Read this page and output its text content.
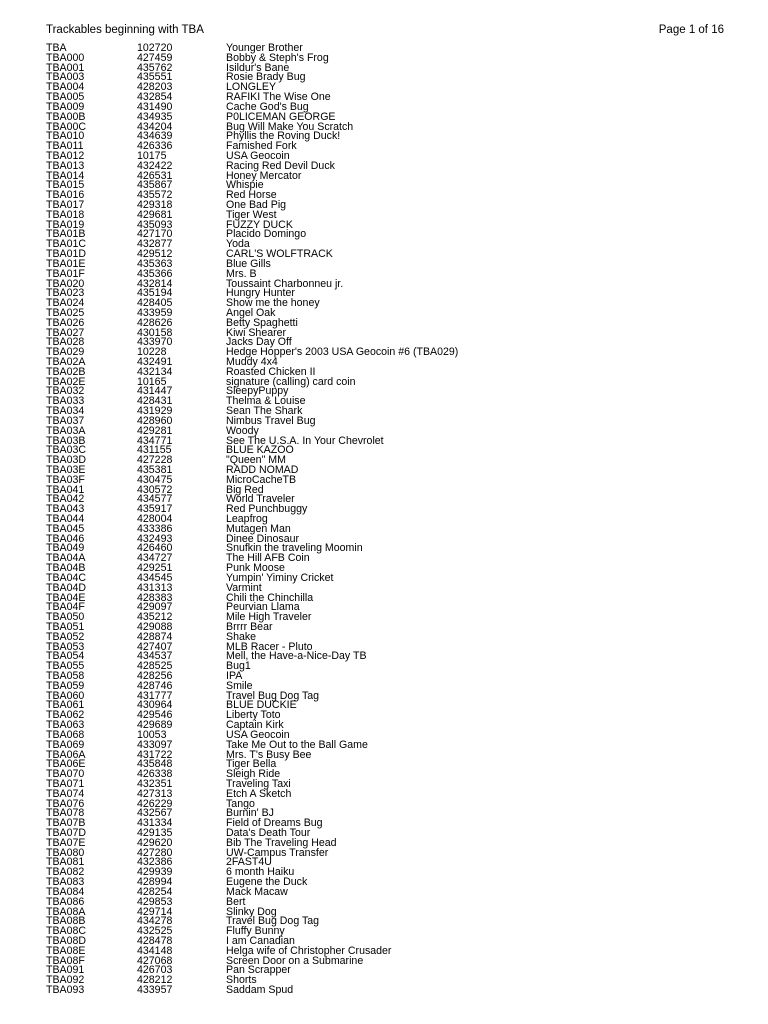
Trackables beginning with TBA	Page 1 of 16
TBA	102720	Younger Brother
TBA000	427459	Bobby & Steph's Frog
TBA001	435762	Isildur's Bane
TBA003	435551	Rosie Brady Bug
TBA004	428203	LONGLEY
TBA005	432854	RAFIKI The Wise One
TBA009	431490	Cache God's Bug
TBA00B	434935	P0LICEMAN GEORGE
TBA00C	434204	Bug Will Make You Scratch
TBA010	434639	Phyllis the Roving Duck!
TBA011	426336	Famished Fork
TBA012	10175	USA Geocoin
TBA013	432422	Racing Red Devil Duck
TBA014	426531	Honey Mercator
TBA015	435867	Whispie
TBA016	435572	Red Horse
TBA017	429318	One Bad Pig
TBA018	429681	Tiger West
TBA019	435093	FUZZY DUCK
TBA01B	427170	Placido Domingo
TBA01C	432877	Yoda
TBA01D	429512	CARL'S WOLFTRACK
TBA01E	435363	Blue Gills
TBA01F	435366	Mrs. B
TBA020	432814	Toussaint Charbonneu jr.
TBA023	435194	Hungry Hunter
TBA024	428405	Show me the honey
TBA025	433959	Angel Oak
TBA026	428626	Betty Spaghetti
TBA027	430158	Kiwi Shearer
TBA028	433970	Jacks Day Off
TBA029	10228	Hedge Hopper's 2003 USA Geocoin #6 (TBA029)
TBA02A	432491	Muddy 4x4
TBA02B	432134	Roasted Chicken II
TBA02E	10165	signature (calling) card coin
TBA032	431447	SleepyPuppy
TBA033	428431	Thelma & Louise
TBA034	431929	Sean The Shark
TBA037	428960	Nimbus Travel Bug
TBA03A	429281	Woody
TBA03B	434771	See The U.S.A. In Your Chevrolet
TBA03C	431155	BLUE KAZOO
TBA03D	427228	"Queen" MM
TBA03E	435381	RADD NOMAD
TBA03F	430475	MicroCacheTB
TBA041	430572	Big Red
TBA042	434577	World Traveler
TBA043	435917	Red Punchbuggy
TBA044	428004	Leapfrog
TBA045	433386	Mutagen Man
TBA046	432493	Dinee Dinosaur
TBA049	426460	Snufkin the traveling Moomin
TBA04A	434727	The Hill AFB Coin
TBA04B	429251	Punk Moose
TBA04C	434545	Yumpin' Yiminy Cricket
TBA04D	431313	Varmint
TBA04E	428383	Chili the Chinchilla
TBA04F	429097	Peurvian Llama
TBA050	435212	Mile High Traveler
TBA051	429088	Brrrr Bear
TBA052	428874	Shake
TBA053	427407	MLB Racer - Pluto
TBA054	434537	Mell, the Have-a-Nice-Day TB
TBA055	428525	Bug1
TBA058	428256	IPA
TBA059	428746	Smile
TBA060	431777	Travel Bug Dog Tag
TBA061	430964	BLUE DUCKIE
TBA062	429546	Liberty Toto
TBA063	429689	Captain Kirk
TBA068	10053	USA Geocoin
TBA069	433097	Take Me Out to the Ball Game
TBA06A	431722	Mrs. T's Busy Bee
TBA06E	435848	Tiger Bella
TBA070	426338	Sleigh Ride
TBA071	432351	Traveling Taxi
TBA074	427313	Etch A Sketch
TBA076	426229	Tango
TBA078	432567	Burnin' BJ
TBA07B	431334	Field of Dreams Bug
TBA07D	429135	Data's Death Tour
TBA07E	429620	Bib The Traveling Head
TBA080	427280	UW-Campus Transfer
TBA081	432386	2FAST4U
TBA082	429939	6 month Haiku
TBA083	428994	Eugene the Duck
TBA084	428254	Mack Macaw
TBA086	429853	Bert
TBA08A	429714	Slinky Dog
TBA08B	434278	Travel Bug Dog Tag
TBA08C	432525	Fluffy Bunny
TBA08D	428478	I am Canadian
TBA08E	434148	Helga wife of Christopher Crusader
TBA08F	427068	Screen Door on a Submarine
TBA091	426703	Pan Scrapper
TBA092	428212	Shorts
TBA093	433957	Saddam Spud
